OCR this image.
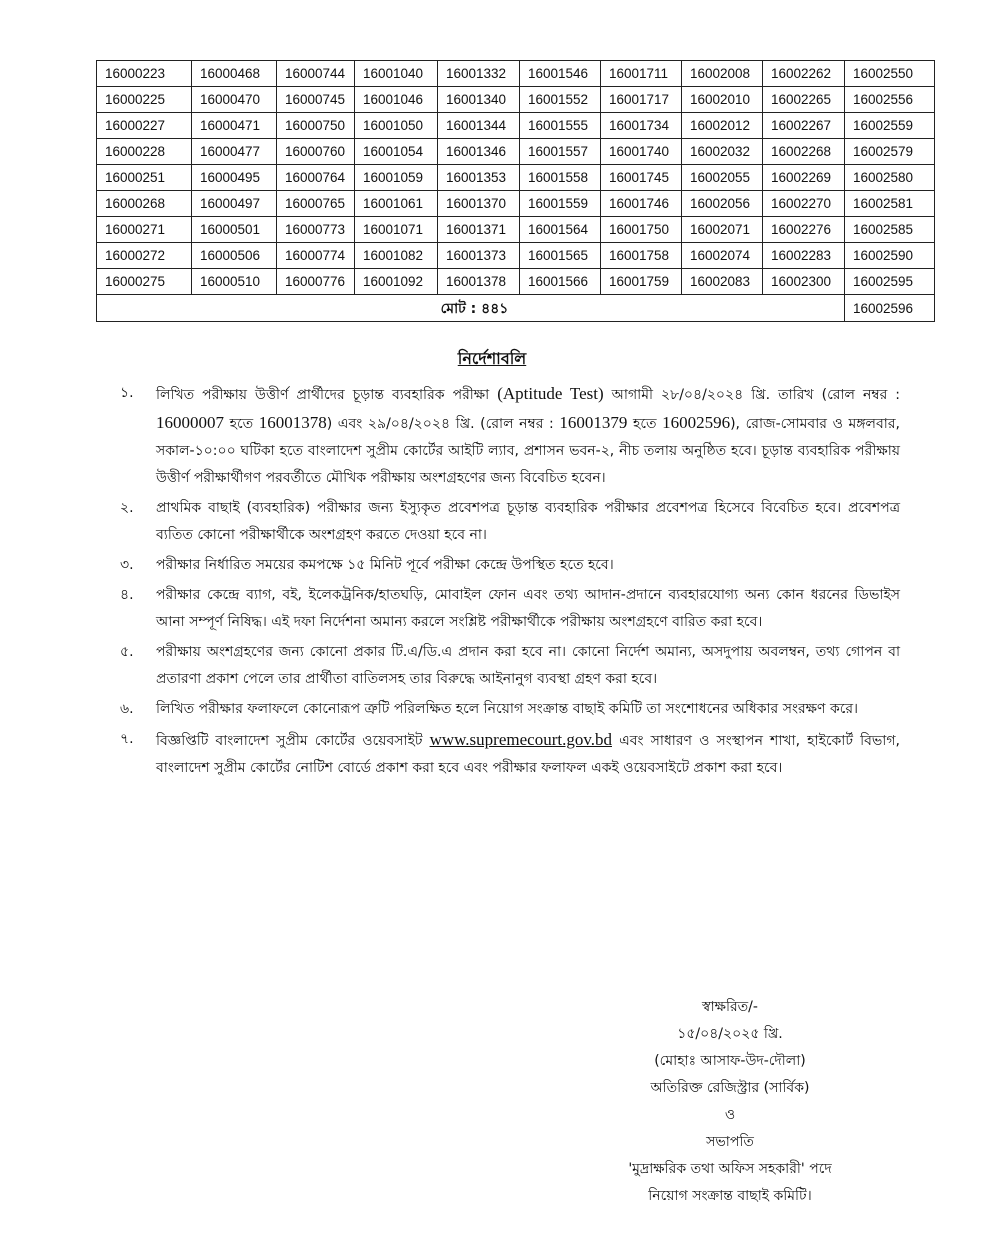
16000223	16000468	16000744	16001040	16001332	16001546	16001711	16002008	16002262	16002550
16000225	16000470	16000745	16001046	16001340	16001552	16001717	16002010	16002265	16002556
16000227	16000471	16000750	16001050	16001344	16001555	16001734	16002012	16002267	16002559
16000228	16000477	16000760	16001054	16001346	16001557	16001740	16002032	16002268	16002579
16000251	16000495	16000764	16001059	16001353	16001558	16001745	16002055	16002269	16002580
16000268	16000497	16000765	16001061	16001370	16001559	16001746	16002056	16002270	16002581
16000271	16000501	16000773	16001071	16001371	16001564	16001750	16002071	16002276	16002585
16000272	16000506	16000774	16001082	16001373	16001565	16001758	16002074	16002283	16002590
16000275	16000510	16000776	16001092	16001378	16001566	16001759	16002083	16002300	16002595
মোট : ৪৪১									16002596
নির্দেশাবলি
১.	লিখিত পরীক্ষায় উত্তীর্ণ প্রার্থীদের চূড়ান্ত ব্যবহারিক পরীক্ষা (Aptitude Test) আগামী ২৮/০৪/২০২৪ খ্রি. তারিখ (রোল নম্বর : 16000007 হতে 16001378) এবং ২৯/০৪/২০২৪ খ্রি. (রোল নম্বর : 16001379 হতে 16002596), রোজ-সোমবার ও মঙ্গলবার, সকাল-১০:০০ ঘটিকা হতে বাংলাদেশ সুপ্রীম কোর্টের আইটি ল্যাব, প্রশাসন ভবন-২, নীচ তলায় অনুষ্ঠিত হবে। চূড়ান্ত ব্যবহারিক পরীক্ষায় উত্তীর্ণ পরীক্ষার্থীগণ পরবর্তীতে মৌখিক পরীক্ষায় অংশগ্রহণের জন্য বিবেচিত হবেন।
২.	প্রাথমিক বাছাই (ব্যবহারিক) পরীক্ষার জন্য ইস্যুকৃত প্রবেশপত্র চূড়ান্ত ব্যবহারিক পরীক্ষার প্রবেশপত্র হিসেবে বিবেচিত হবে। প্রবেশপত্র ব্যতিত কোনো পরীক্ষার্থীকে অংশগ্রহণ করতে দেওয়া হবে না।
৩.	পরীক্ষার নির্ধারিত সময়ের কমপক্ষে ১৫ মিনিট পূর্বে পরীক্ষা কেন্দ্রে উপস্থিত হতে হবে।
৪.	পরীক্ষার কেন্দ্রে ব্যাগ, বই, ইলেকট্রনিক/হাতঘড়ি, মোবাইল ফোন এবং তথ্য আদান-প্রদানে ব্যবহারযোগ্য অন্য কোন ধরনের ডিভাইস আনা সম্পূর্ণ নিষিদ্ধ। এই দফা নির্দেশনা অমান্য করলে সংশ্লিষ্ট পরীক্ষার্থীকে পরীক্ষায় অংশগ্রহণে বারিত করা হবে।
৫.	পরীক্ষায় অংশগ্রহণের জন্য কোনো প্রকার টি.এ/ডি.এ প্রদান করা হবে না। কোনো নির্দেশ অমান্য, অসদুপায় অবলম্বন, তথ্য গোপন বা প্রতারণা প্রকাশ পেলে তার প্রার্থীতা বাতিলসহ তার বিরুদ্ধে আইনানুগ ব্যবস্থা গ্রহণ করা হবে।
৬.	লিখিত পরীক্ষার ফলাফলে কোনোরূপ ত্রুটি পরিলক্ষিত হলে নিয়োগ সংক্রান্ত বাছাই কমিটি তা সংশোধনের অধিকার সংরক্ষণ করে।
৭.	বিজ্ঞপ্তিটি বাংলাদেশ সুপ্রীম কোর্টের ওয়েবসাইট www.supremecourt.gov.bd এবং সাধারণ ও সংস্থাপন শাখা, হাইকোর্ট বিভাগ, বাংলাদেশ সুপ্রীম কোর্টের নোটিশ বোর্ডে প্রকাশ করা হবে এবং পরীক্ষার ফলাফল একই ওয়েবসাইটে প্রকাশ করা হবে।
স্বাক্ষরিত/-
১৫/০৪/২০২৫ খ্রি.
(মোহাঃ আসাফ-উদ-দৌলা)
অতিরিক্ত রেজিস্ট্রার (সার্বিক)
ও
সভাপতি
'মুদ্রাক্ষরিক তথা অফিস সহকারী' পদে
নিয়োগ সংক্রান্ত বাছাই কমিটি।
